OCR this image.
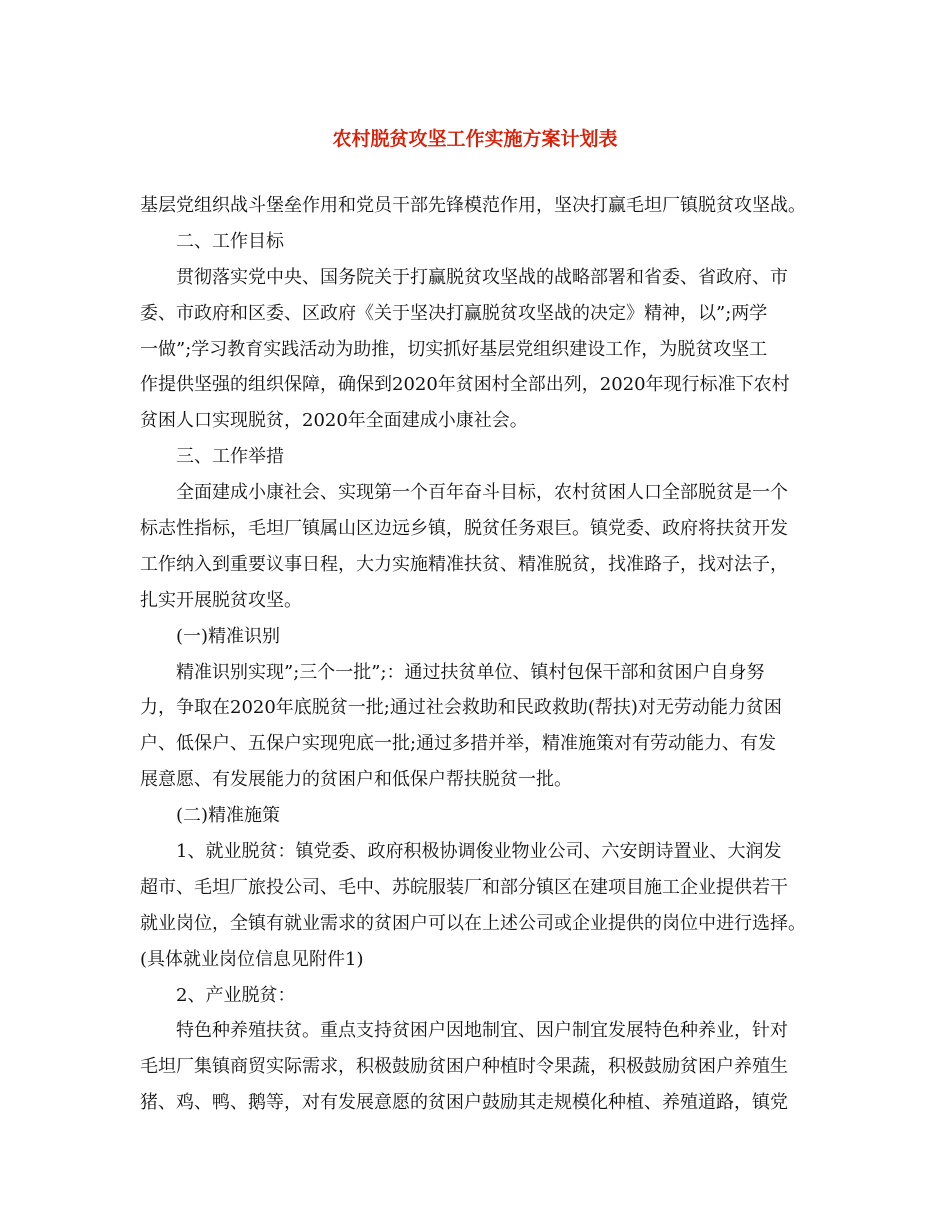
农村脱贫攻坚工作实施方案计划表
基层党组织战斗堡垒作用和党员干部先锋模范作用，坚决打赢毛坦厂镇脱贫攻坚战。
二、工作目标
贯彻落实党中央、国务院关于打赢脱贫攻坚战的战略部署和省委、省政府、市
委、市政府和区委、区政府《关于坚决打赢脱贫攻坚战的决定》精神，以”;两学
一做”;学习教育实践活动为助推，切实抓好基层党组织建设工作，为脱贫攻坚工
作提供坚强的组织保障，确保到2020年贫困村全部出列，2020年现行标准下农村
贫困人口实现脱贫，2020年全面建成小康社会。
三、工作举措
全面建成小康社会、实现第一个百年奋斗目标，农村贫困人口全部脱贫是一个
标志性指标，毛坦厂镇属山区边远乡镇，脱贫任务艰巨。镇党委、政府将扶贫开发
工作纳入到重要议事日程，大力实施精准扶贫、精准脱贫，找准路子，找对法子，
扎实开展脱贫攻坚。
(一)精准识别
精准识别实现”;三个一批”;：通过扶贫单位、镇村包保干部和贫困户自身努
力，争取在2020年底脱贫一批;通过社会救助和民政救助(帮扶)对无劳动能力贫困
户、低保户、五保户实现兜底一批;通过多措并举，精准施策对有劳动能力、有发
展意愿、有发展能力的贫困户和低保户帮扶脱贫一批。
(二)精准施策
1、就业脱贫：镇党委、政府积极协调俊业物业公司、六安朗诗置业、大润发
超市、毛坦厂旅投公司、毛中、苏皖服装厂和部分镇区在建项目施工企业提供若干
就业岗位，全镇有就业需求的贫困户可以在上述公司或企业提供的岗位中进行选择。
(具体就业岗位信息见附件1)
2、产业脱贫：
特色种养殖扶贫。重点支持贫困户因地制宜、因户制宜发展特色种养业，针对
毛坦厂集镇商贸实际需求，积极鼓励贫困户种植时令果蔬，积极鼓励贫困户养殖生
猪、鸡、鸭、鹅等，对有发展意愿的贫困户鼓励其走规模化种植、养殖道路，镇党
